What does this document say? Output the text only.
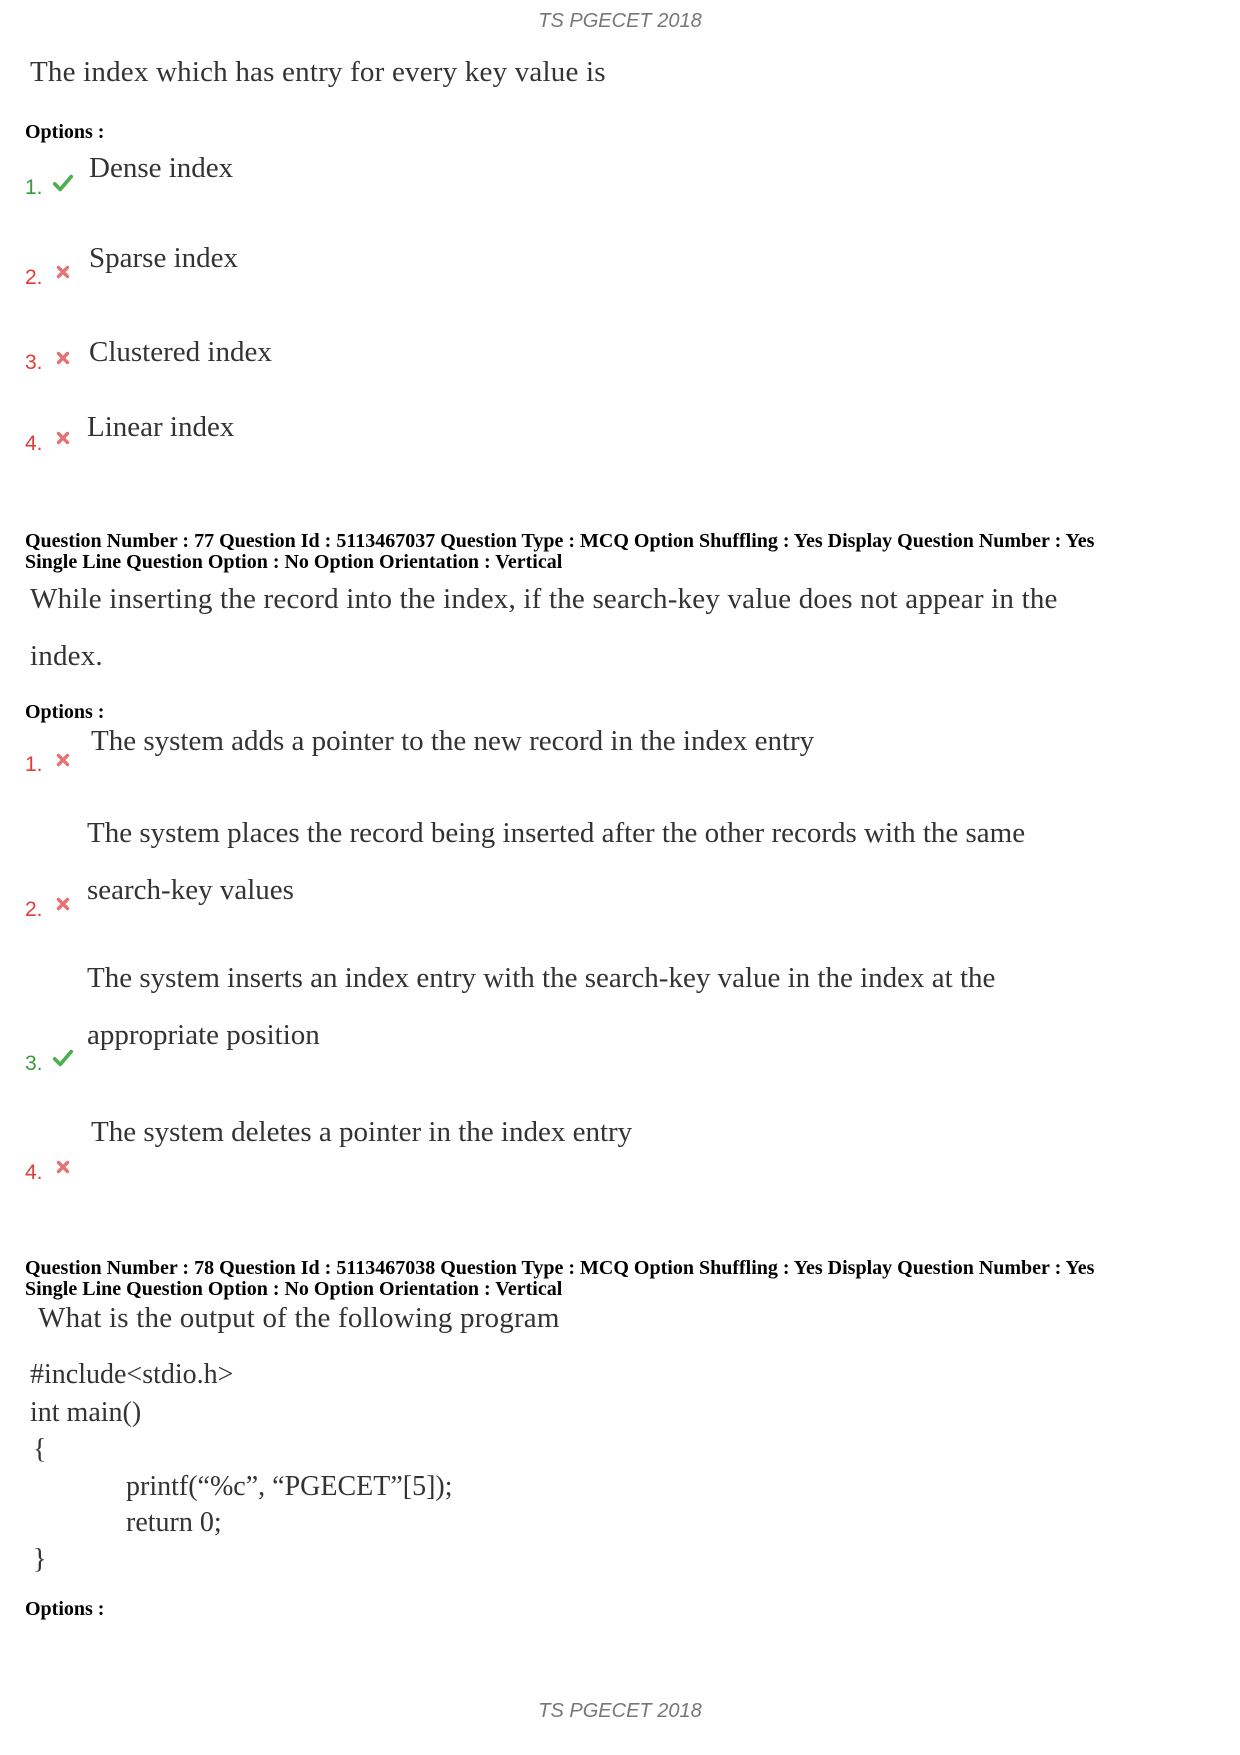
TS PGECET 2018
The index which has entry for every key value is
Options :
1.
Dense index
2.
Sparse index
3. Clustered index
4.
Linear index
Question Number : 77 Question Id : 5113467037 Question Type : MCQ Option Shuffling : Yes Display Question Number : Yes
Single Line Question Option : No Option Orientation : Vertical
While inserting the record into the index, if the search-key value does not appear in the
index.
Options :
1.
The system adds a pointer to the new record in the index entry
The system places the record being inserted after the other records with the same
2.
search-key values
The system inserts an index entry with the search-key value in the index at the
3.
appropriate position
4.
The system deletes a pointer in the index entry
Question Number : 78 Question Id : 5113467038 Question Type : MCQ Option Shuffling : Yes Display Question Number : Yes
Single Line Question Option : No Option Orientation : Vertical
What is the output of the following program
#include<stdio.h>
int main()
{
printf(“%c”, “PGECET”[5]);
return 0;
}
Options :
TS PGECET 2018
